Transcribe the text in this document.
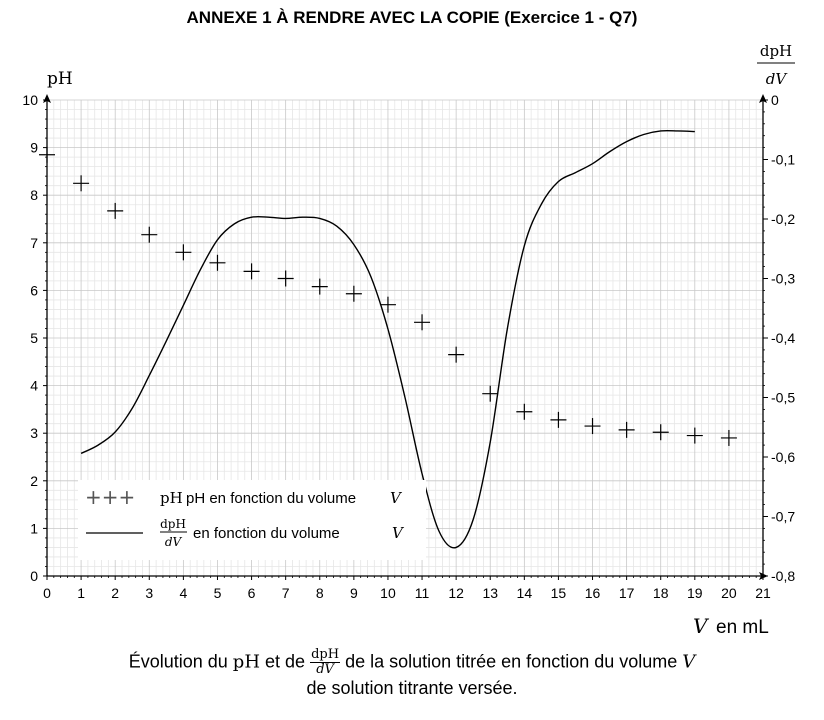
ANNEXE 1 À RENDRE AVEC LA COPIE (Exercice 1 - Q7)
0 1 2 3 4 5 6 7 8 9 10 11 12 13 14 15 16 17 18 19 20 21
0
1
2
3
4
5
6
7
8
9
10	0
-0,1
-0,2
-0,3
-0,4
-0,5
-0,6
-0,7
-0,8
pH
dpH
dV
V en mL
+++ pH pH en fonction du volume V
dpH
dV en fonction du volume	V
Évolution du pH et de $\frac{\text{dpH}}{dV}$ de la solution titrée en fonction du volume V
de solution titrante versée.
